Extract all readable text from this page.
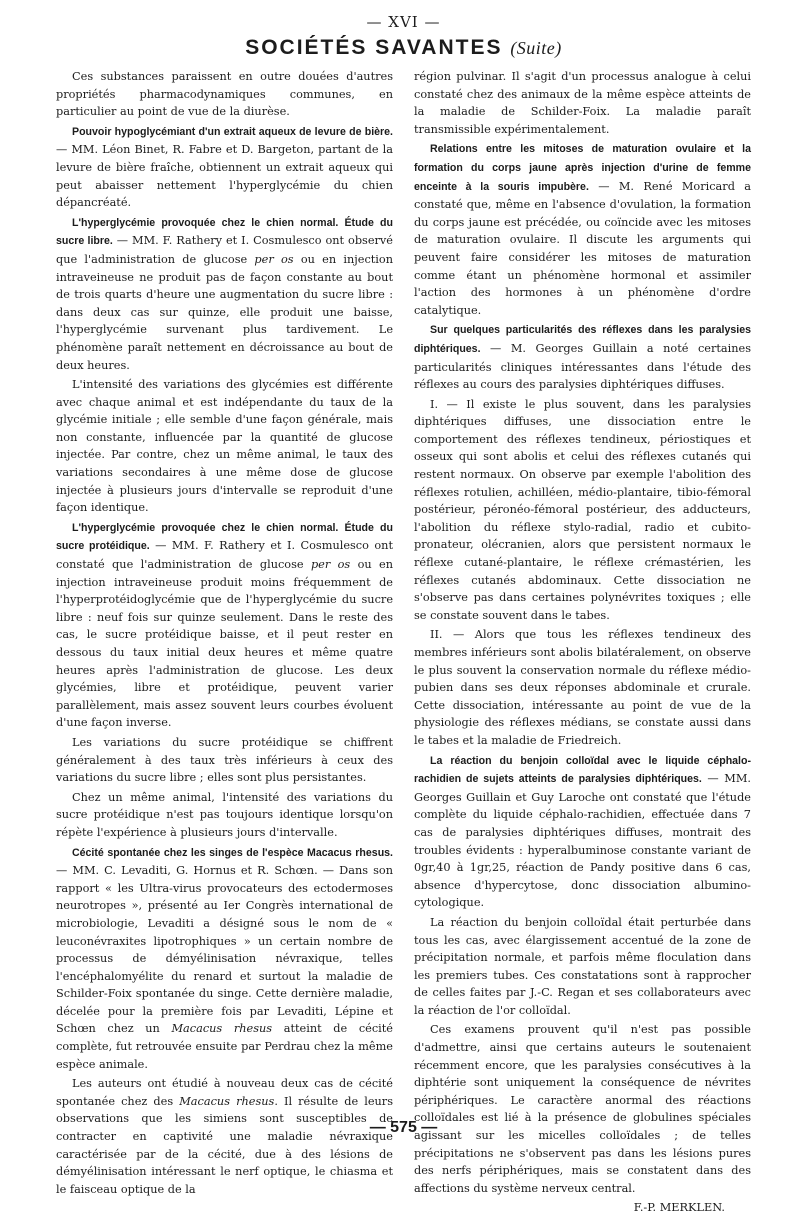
— XVI —
SOCIÉTÉS SAVANTES (Suite)

Ces substances paraissent en outre douées d'autres propriétés pharmacodynamiques communes, en particulier au point de vue de la diurèse.

Pouvoir hypoglycémiant d'un extrait aqueux de levure de bière. — MM. Léon Binet, R. Fabre et D. Bargeton, partant de la levure de bière fraîche, obtiennent un extrait aqueux qui peut abaisser nettement l'hyperglycémie du chien dépancréaté.

L'hyperglycémie provoquée chez le chien normal. Étude du sucre libre. — MM. F. Rathery et I. Cosmulesco ont observé que l'administration de glucose per os ou en injection intraveineuse ne produit pas de façon constante au bout de trois quarts d'heure une augmentation du sucre libre : dans deux cas sur quinze, elle produit une baisse, l'hyperglycémie survenant plus tardivement. Le phénomène paraît nettement en décroissance au bout de deux heures.

L'intensité des variations des glycémies est différente avec chaque animal et est indépendante du taux de la glycémie initiale ; elle semble d'une façon générale, mais non constante, influencée par la quantité de glucose injectée. Par contre, chez un même animal, le taux des variations secondaires à une même dose de glucose injectée à plusieurs jours d'intervalle se reproduit d'une façon identique.

L'hyperglycémie provoquée chez le chien normal. Étude du sucre protéidique. — MM. F. Rathery et I. Cosmulesco ont constaté que l'administration de glucose per os ou en injection intraveineuse produit moins fréquemment de l'hyperprotéidoglycémie que de l'hyperglycémie du sucre libre : neuf fois sur quinze seulement. Dans le reste des cas, le sucre protéidique baisse, et il peut rester en dessous du taux initial deux heures et même quatre heures après l'administration de glucose. Les deux glycémies, libre et protéidique, peuvent varier parallèlement, mais assez souvent leurs courbes évoluent d'une façon inverse.

Les variations du sucre protéidique se chiffrent généralement à des taux très inférieurs à ceux des variations du sucre libre ; elles sont plus persistantes.

Chez un même animal, l'intensité des variations du sucre protéidique n'est pas toujours identique lorsqu'on répète l'expérience à plusieurs jours d'intervalle.

Cécité spontanée chez les singes de l'espèce Macacus rhesus. — MM. C. Levaditi, G. Hornus et R. Schœn. — Dans son rapport « les Ultra-virus provocateurs des ectodermoses neurotropes », présenté au Ier Congrès international de microbiologie, Levaditi a désigné sous le nom de « leuconévraxites lipotrophiques » un certain nombre de processus de démyélinisation névraxique, telles l'encéphalomyélite du renard et surtout la maladie de Schilder-Foix spontanée du singe. Cette dernière maladie, décelée pour la première fois par Levaditi, Lépine et Schœn chez un Macacus rhesus atteint de cécité complète, fut retrouvée ensuite par Perdrau chez la même espèce animale.

Les auteurs ont étudié à nouveau deux cas de cécité spontanée chez des Macacus rhesus. Il résulte de leurs observations que les simiens sont susceptibles de contracter en captivité une maladie névraxique caractérisée par de la cécité, due à des lésions de démyélinisation intéressant le nerf optique, le chiasma et le faisceau optique de la

région pulvinar. Il s'agit d'un processus analogue à celui constaté chez des animaux de la même espèce atteints de la maladie de Schilder-Foix. La maladie paraît transmissible expérimentalement.

Relations entre les mitoses de maturation ovulaire et la formation du corps jaune après injection d'urine de femme enceinte à la souris impubère. — M. René Moricard a constaté que, même en l'absence d'ovulation, la formation du corps jaune est précédée, ou coïncide avec les mitoses de maturation ovulaire. Il discute les arguments qui peuvent faire considérer les mitoses de maturation comme étant un phénomène hormonal et assimiler l'action des hormones à un phénomène d'ordre catalytique.

Sur quelques particularités des réflexes dans les paralysies diphtériques. — M. Georges Guillain a noté certaines particularités cliniques intéressantes dans l'étude des réflexes au cours des paralysies diphtériques diffuses.

I. — Il existe le plus souvent, dans les paralysies diphtériques diffuses, une dissociation entre le comportement des réflexes tendineux, périostiques et osseux qui sont abolis et celui des réflexes cutanés qui restent normaux. On observe par exemple l'abolition des réflexes rotulien, achilléen, médio-plantaire, tibio-fémoral postérieur, péronéo-fémoral postérieur, des adducteurs, l'abolition du réflexe stylo-radial, radio et cubito-pronateur, olécranien, alors que persistent normaux le réflexe cutané-plantaire, le réflexe crémastérien, les réflexes cutanés abdominaux. Cette dissociation ne s'observe pas dans certaines polynévrites toxiques ; elle se constate souvent dans le tabes.

II. — Alors que tous les réflexes tendineux des membres inférieurs sont abolis bilatéralement, on observe le plus souvent la conservation normale du réflexe médio-pubien dans ses deux réponses abdominale et crurale. Cette dissociation, intéressante au point de vue de la physiologie des réflexes médians, se constate aussi dans le tabes et la maladie de Friedreich.

La réaction du benjoin colloïdal avec le liquide céphalo-rachidien de sujets atteints de paralysies diphtériques. — MM. Georges Guillain et Guy Laroche ont constaté que l'étude complète du liquide céphalo-rachidien, effectuée dans 7 cas de paralysies diphtériques diffuses, montrait des troubles évidents : hyperalbuminose constante variant de 0gr,40 à 1gr,25, réaction de Pandy positive dans 6 cas, absence d'hypercytose, donc dissociation albumino-cytologique.

La réaction du benjoin colloïdal était perturbée dans tous les cas, avec élargissement accentué de la zone de précipitation normale, et parfois même floculation dans les premiers tubes. Ces constatations sont à rapprocher de celles faites par J.-C. Regan et ses collaborateurs avec la réaction de l'or colloïdal.

Ces examens prouvent qu'il n'est pas possible d'admettre, ainsi que certains auteurs le soutenaient récemment encore, que les paralysies consécutives à la diphtérie sont uniquement la conséquence de névrites périphériques. Le caractère anormal des réactions colloïdales est lié à la présence de globulines spéciales agissant sur les micelles colloïdales ; de telles précipitations ne s'observent pas dans les lésions pures des nerfs périphériques, mais se constatent dans des affections du système nerveux central.

F.-P. MERKLEN.
— 575 —
